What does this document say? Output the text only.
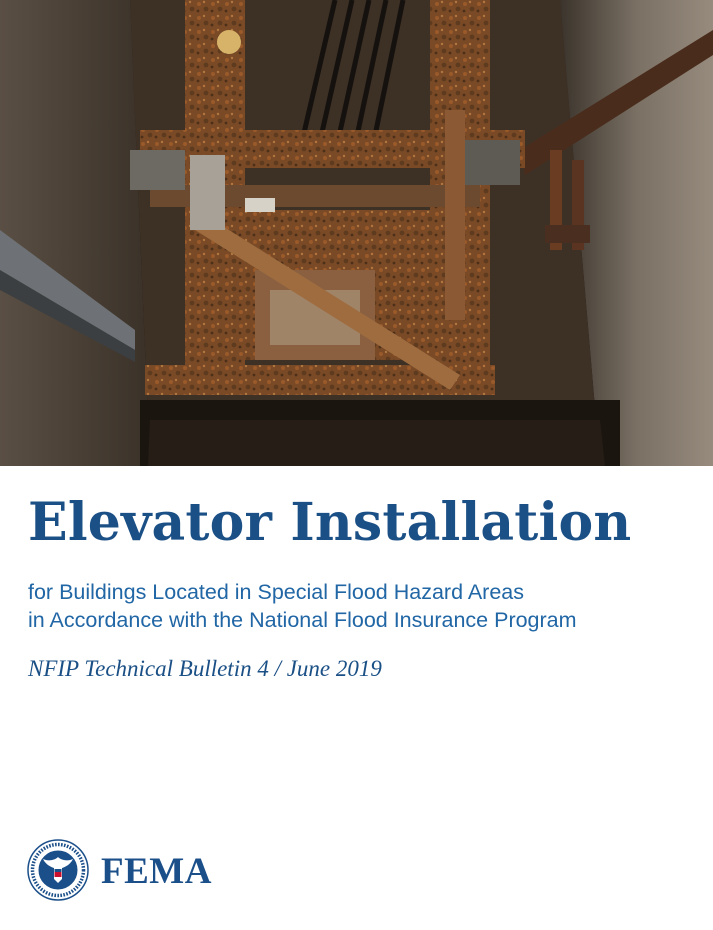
Elevator Installation

for Buildings Located in Special Flood Hazard Areas
in Accordance with the National Flood Insurance Program

NFIP Technical Bulletin 4 / June 2019

FEMA
